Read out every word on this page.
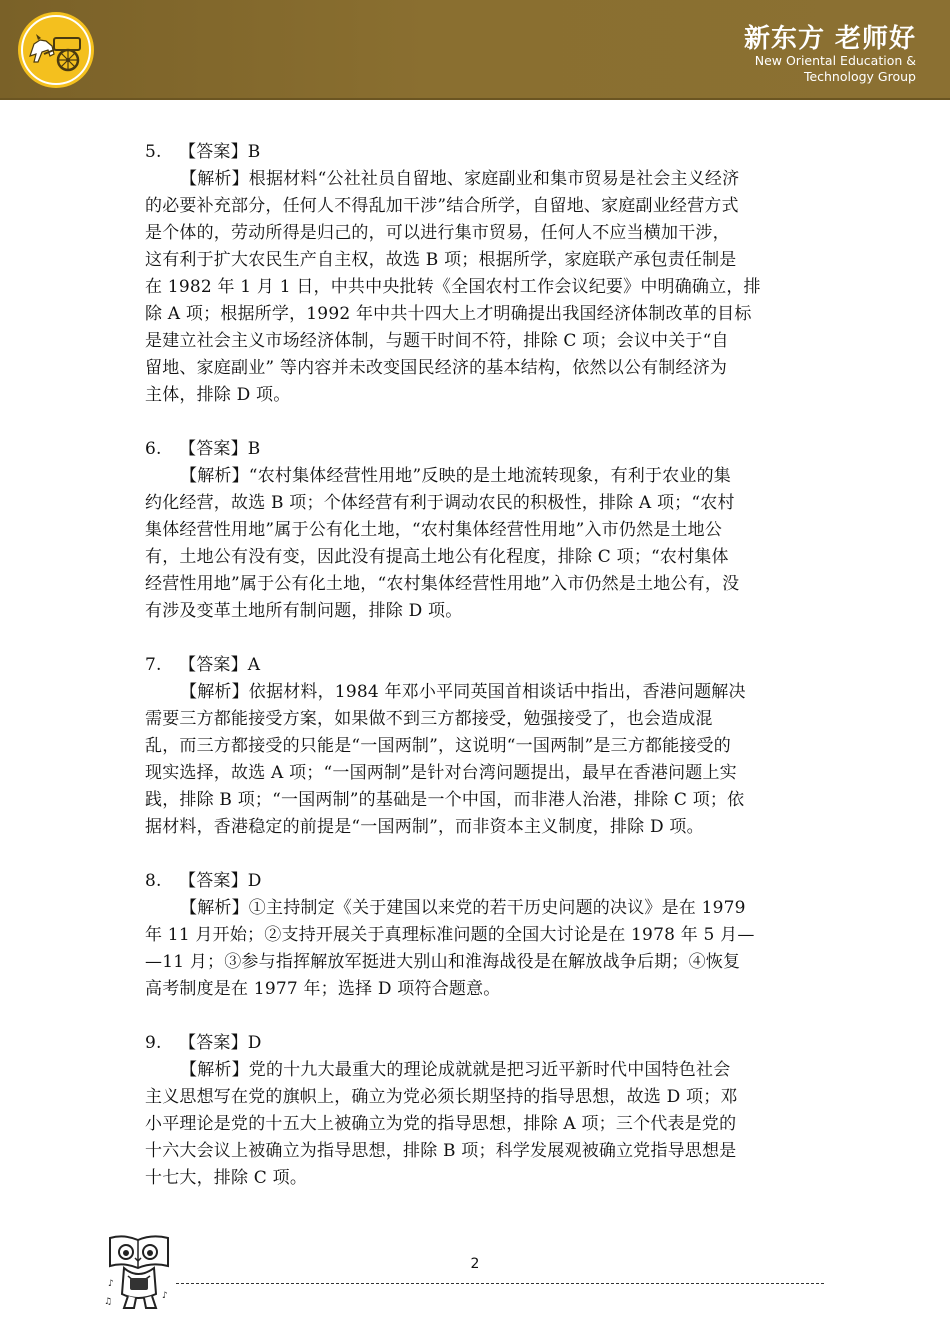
新东方 老师好
New Oriental Education &
Technology Group
5. 【答案】B
【解析】根据材料“公社社员自留地、家庭副业和集市贸易是社会主义经济
的必要补充部分，任何人不得乱加干涉”结合所学，自留地、家庭副业经营方式
是个体的，劳动所得是归己的，可以进行集市贸易，任何人不应当横加干涉，
这有利于扩大农民生产自主权，故选 B 项；根据所学，家庭联产承包责任制是
在 1982 年 1 月 1 日，中共中央批转《全国农村工作会议纪要》中明确确立，排
除 A 项；根据所学，1992 年中共十四大上才明确提出我国经济体制改革的目标
是建立社会主义市场经济体制，与题干时间不符，排除 C 项；会议中关于“自
留地、家庭副业” 等内容并未改变国民经济的基本结构，依然以公有制经济为
主体，排除 D 项。
6. 【答案】B
【解析】“农村集体经营性用地”反映的是土地流转现象，有利于农业的集
约化经营，故选 B 项；个体经营有利于调动农民的积极性，排除 A 项；“农村
集体经营性用地”属于公有化土地，“农村集体经营性用地”入市仍然是土地公
有，土地公有没有变，因此没有提高土地公有化程度，排除 C 项；“农村集体
经营性用地”属于公有化土地，“农村集体经营性用地”入市仍然是土地公有，没
有涉及变革土地所有制问题，排除 D 项。
7. 【答案】A
【解析】依据材料，1984 年邓小平同英国首相谈话中指出，香港问题解决
需要三方都能接受方案，如果做不到三方都接受，勉强接受了，也会造成混
乱，而三方都接受的只能是“一国两制”，这说明“一国两制”是三方都能接受的
现实选择，故选 A 项；“一国两制”是针对台湾问题提出，最早在香港问题上实
践，排除 B 项；“一国两制”的基础是一个中国，而非港人治港，排除 C 项；依
据材料，香港稳定的前提是“一国两制”，而非资本主义制度，排除 D 项。
8. 【答案】D
【解析】①主持制定《关于建国以来党的若干历史问题的决议》是在 1979
年 11 月开始；②支持开展关于真理标准问题的全国大讨论是在 1978 年 5 月—
—11 月；③参与指挥解放军挺进大别山和淮海战役是在解放战争后期；④恢复
高考制度是在 1977 年；选择 D 项符合题意。
9. 【答案】D
【解析】党的十九大最重大的理论成就就是把习近平新时代中国特色社会
主义思想写在党的旗帜上，确立为党必须长期坚持的指导思想，故选 D 项；邓
小平理论是党的十五大上被确立为党的指导思想，排除 A 项；三个代表是党的
十六大会议上被确立为指导思想，排除 B 项；科学发展观被确立党指导思想是
十七大，排除 C 项。
♪
♫
♪
2
